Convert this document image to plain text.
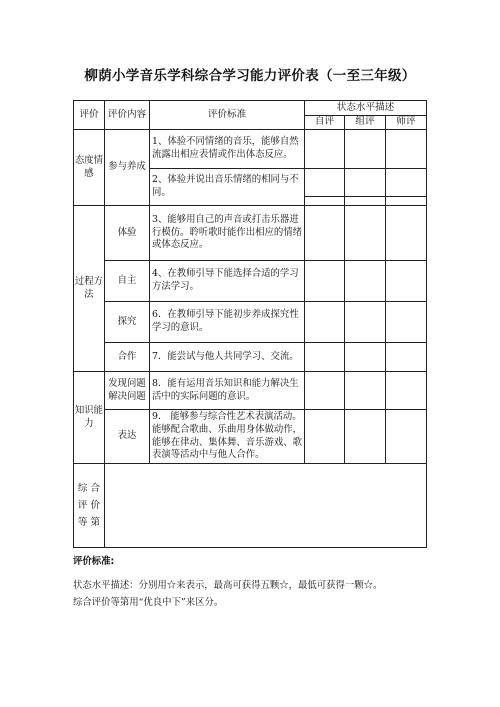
柳荫小学音乐学科综合学习能力评价表（一至三年级）
评价	评价内容	评价标准	状态水平描述		
			自评	组评	师评
态度情感	参与养成	1、体验不同情绪的音乐，能够自然流露出相应表情或作出体态反应。			
		2、体验并说出音乐情绪的相同与不同。			

过程方法	体验	3、能够用自己的声音或打击乐器进行模仿。聆听歌时能作出相应的情绪或体态反应。			
	自主	4、在教师引导下能选择合适的学习方法学习。			
	探究	6．在教师引导下能初步养成探究性学习的意识。			
	合作	7．能尝试与他人共同学习、交流。			
知识能力	发现问题解决问题	8．能有运用音乐知识和能力解决生活中的实际问题的意识。			
	表达	9． 能够参与综合性艺术表演活动。能够配合歌曲、乐曲用身体做动作，能够在律动、集体舞、音乐游戏、歌表演等活动中与他人合作。			

综 合
评 价
等 第					

评价标准:
状态水平描述：分别用☆来表示，最高可获得五颗☆，最低可获得一颗☆。
综合评价等第用“优良中下”来区分。
